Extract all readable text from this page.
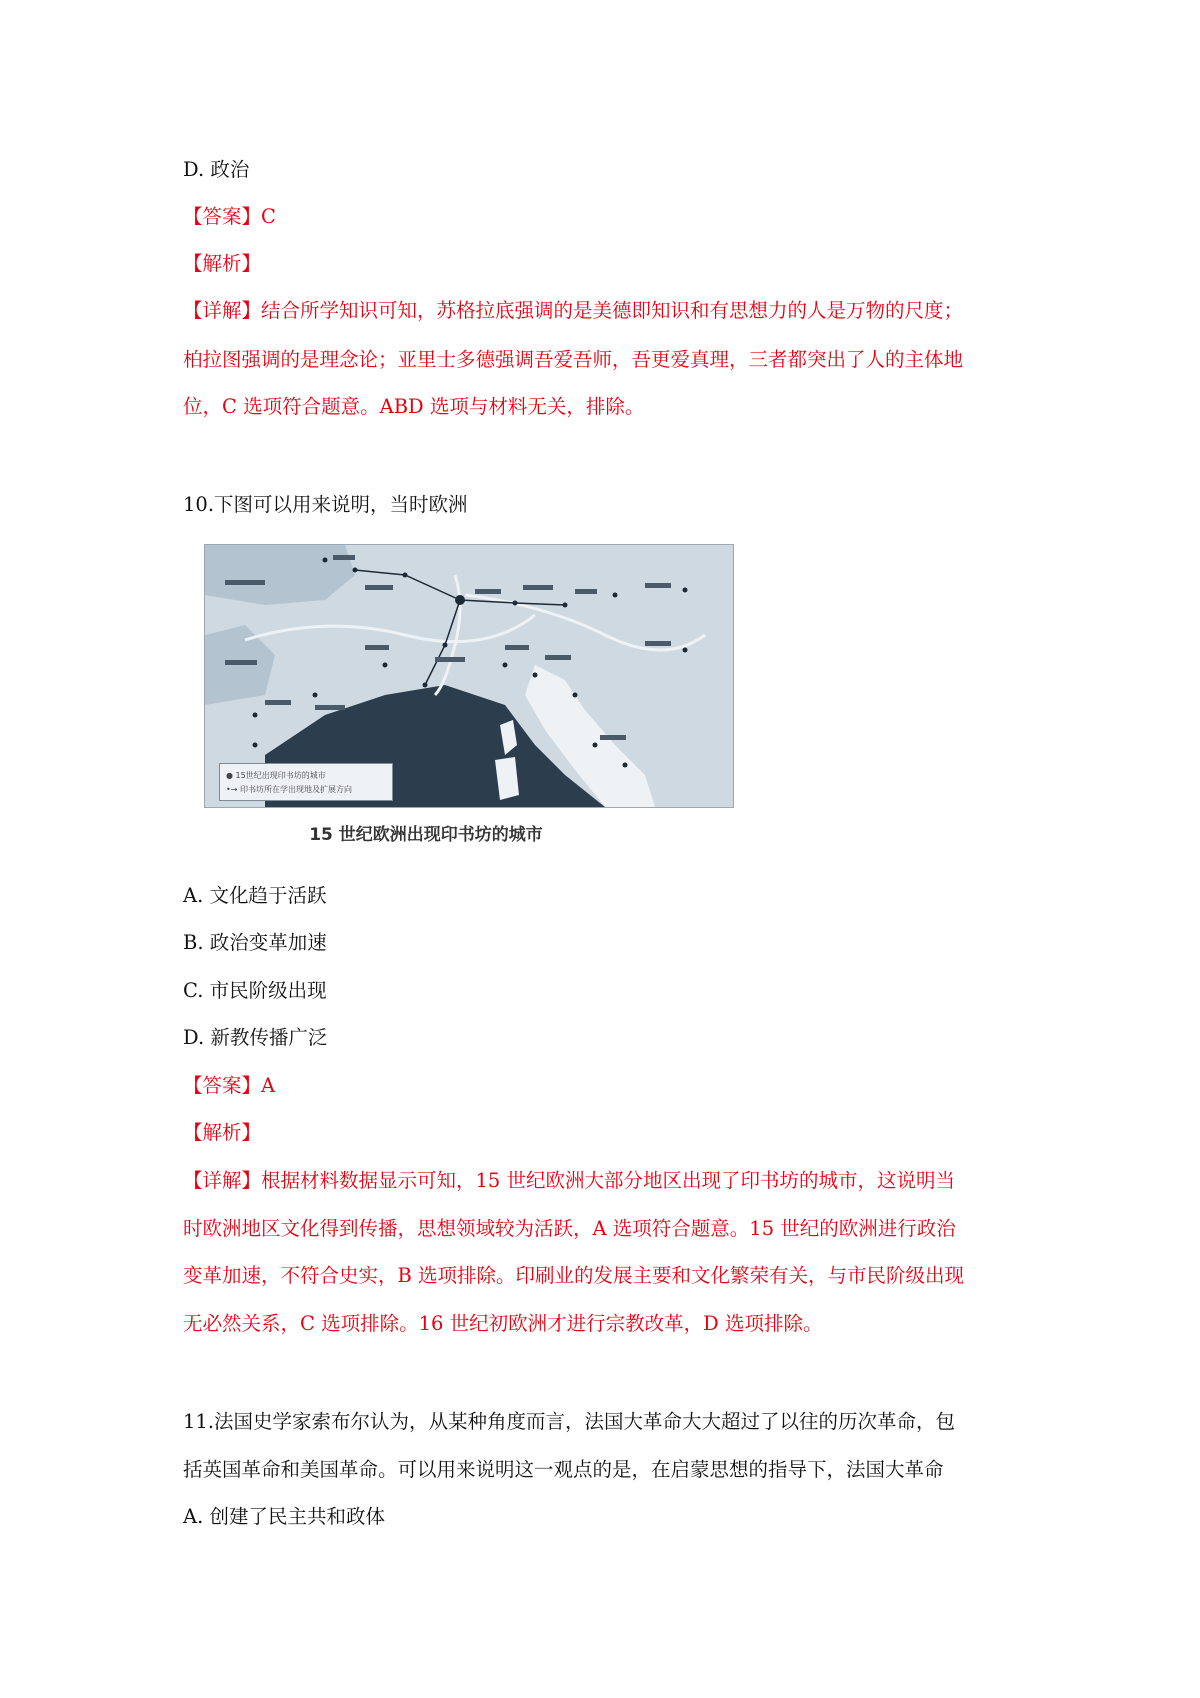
D. 政治
【答案】C
【解析】
【详解】结合所学知识可知，苏格拉底强调的是美德即知识和有思想力的人是万物的尺度；
柏拉图强调的是理念论；亚里士多德强调吾爱吾师，吾更爱真理，三者都突出了人的主体地
位，C 选项符合题意。ABD 选项与材料无关，排除。
10.下图可以用来说明，当时欧洲
● 15世纪出现印书坊的城市
•→ 印书坊所在学出现地及扩展方向
15 世纪欧洲出现印书坊的城市
A. 文化趋于活跃
B. 政治变革加速
C. 市民阶级出现
D. 新教传播广泛
【答案】A
【解析】
【详解】根据材料数据显示可知，15 世纪欧洲大部分地区出现了印书坊的城市，这说明当
时欧洲地区文化得到传播，思想领域较为活跃，A 选项符合题意。15 世纪的欧洲进行政治
变革加速，不符合史实，B 选项排除。印刷业的发展主要和文化繁荣有关，与市民阶级出现
无必然关系，C 选项排除。16 世纪初欧洲才进行宗教改革，D 选项排除。
11.法国史学家索布尔认为，从某种角度而言，法国大革命大大超过了以往的历次革命，包
括英国革命和美国革命。可以用来说明这一观点的是，在启蒙思想的指导下，法国大革命
A. 创建了民主共和政体
